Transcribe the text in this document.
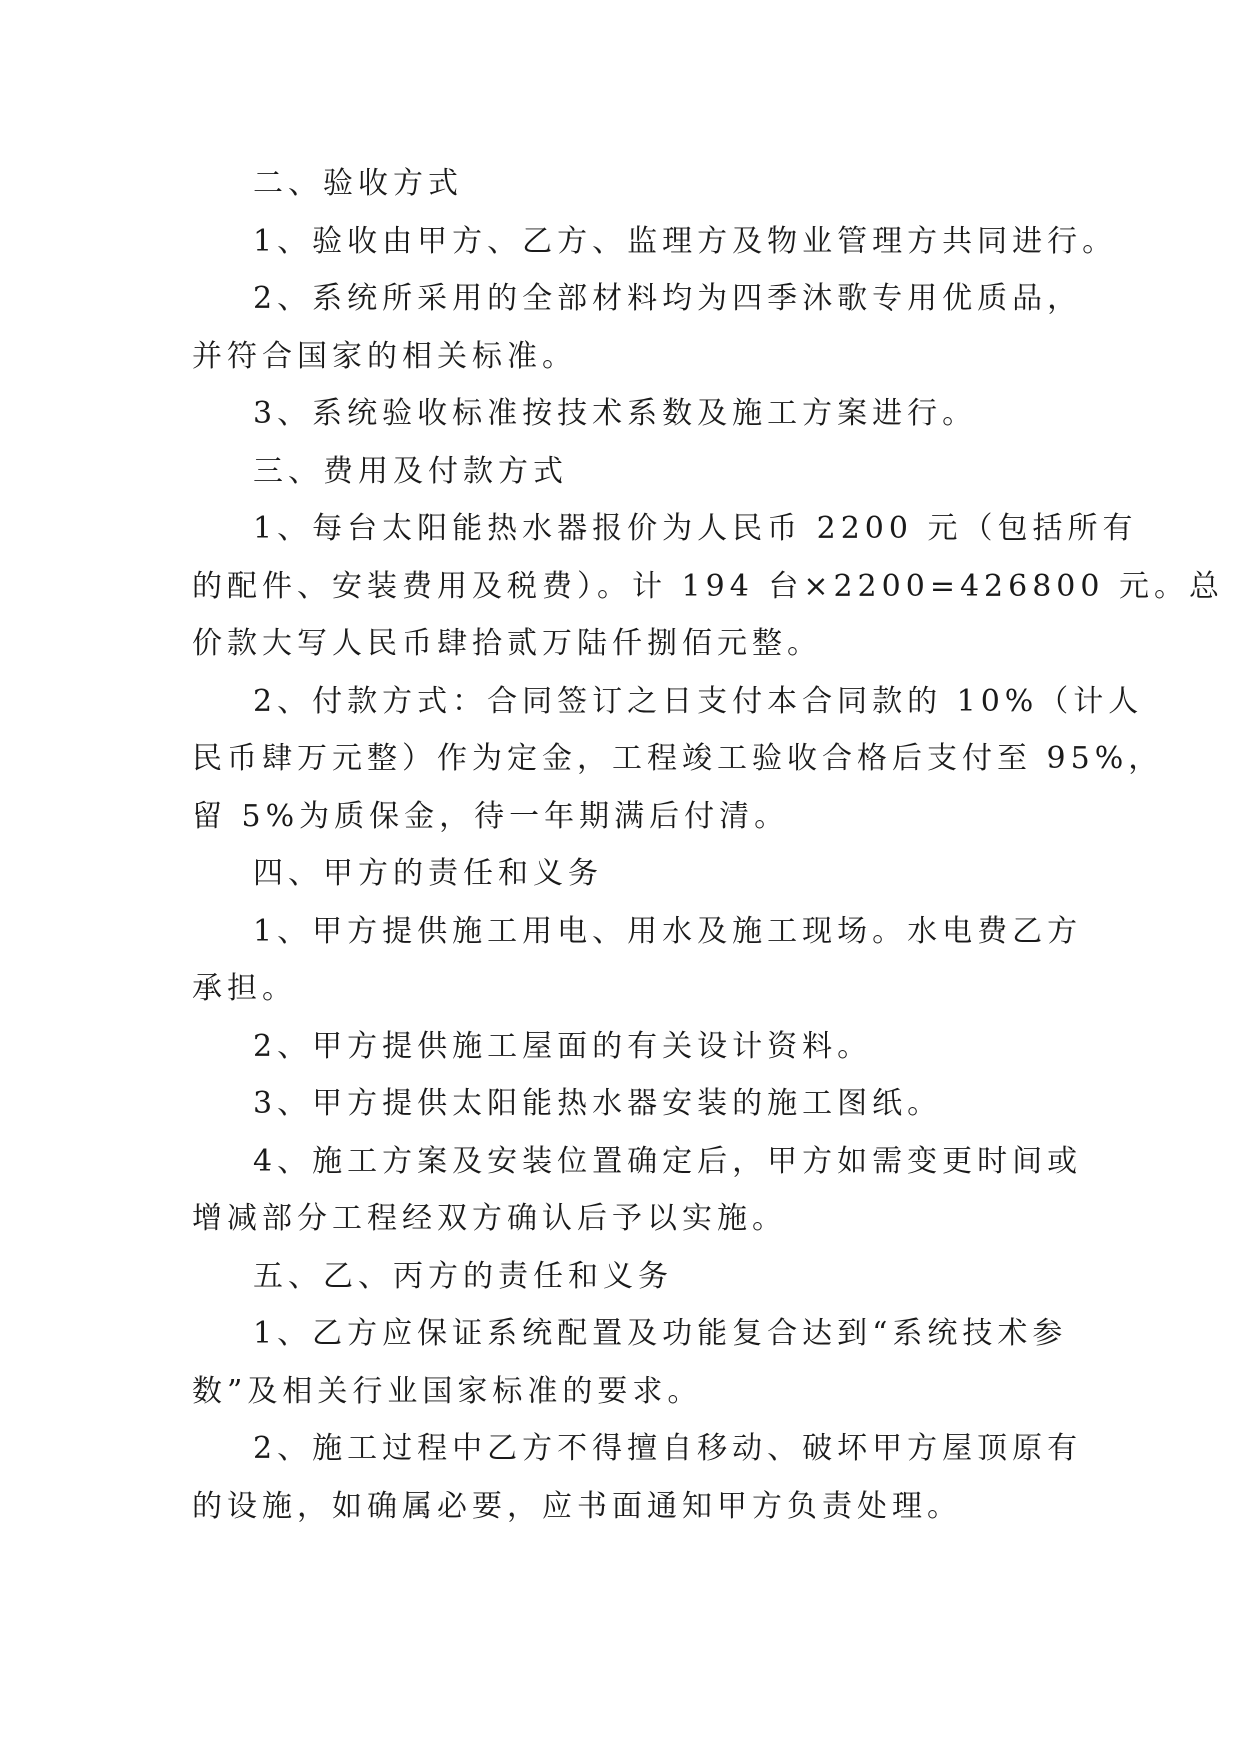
二、验收方式
1、验收由甲方、乙方、监理方及物业管理方共同进行。
2、系统所采用的全部材料均为四季沐歌专用优质品，
并符合国家的相关标准。
3、系统验收标准按技术系数及施工方案进行。
三、费用及付款方式
1、每台太阳能热水器报价为人民币 2200 元（包括所有
的配件、安装费用及税费）。计 194 台×2200=426800 元。总
价款大写人民币肆拾贰万陆仟捌佰元整。
2、付款方式：合同签订之日支付本合同款的 10%（计人
民币肆万元整）作为定金，工程竣工验收合格后支付至 95%，
留 5%为质保金，待一年期满后付清。
四、甲方的责任和义务
1、甲方提供施工用电、用水及施工现场。水电费乙方
承担。
2、甲方提供施工屋面的有关设计资料。
3、甲方提供太阳能热水器安装的施工图纸。
4、施工方案及安装位置确定后，甲方如需变更时间或
增减部分工程经双方确认后予以实施。
五、乙、丙方的责任和义务
1、乙方应保证系统配置及功能复合达到“系统技术参
数”及相关行业国家标准的要求。
2、施工过程中乙方不得擅自移动、破坏甲方屋顶原有
的设施，如确属必要，应书面通知甲方负责处理。
